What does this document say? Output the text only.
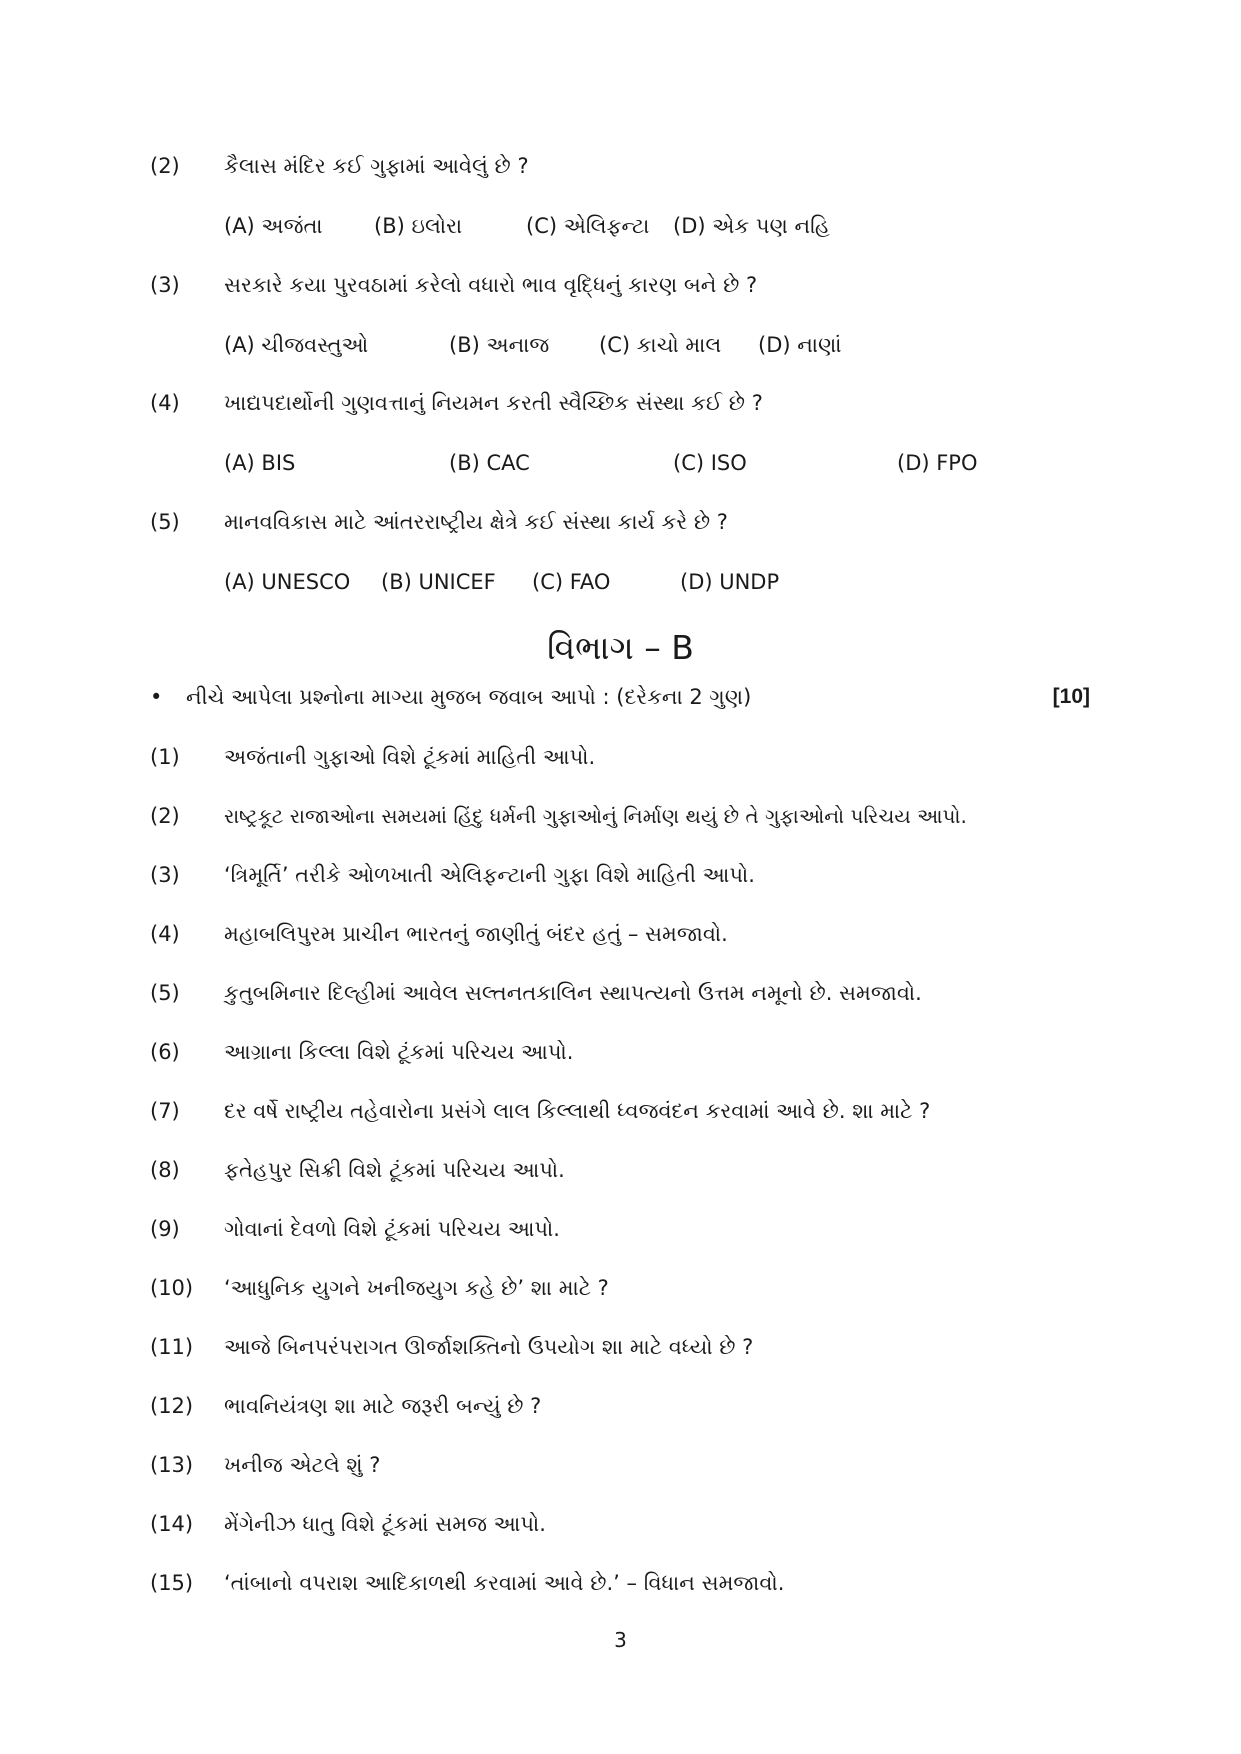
(2)	કૈલાસ મંદિર કઈ ગુફામાં આવેલું છે ?
(A) અજંતા (B) ઇલોરા	(C) એલિફન્ટા (D) એક પણ નહિ
(3)	સરકારે કયા પુરવઠામાં કરેલો વધારો ભાવ વૃદ્ધિનું કારણ બને છે ?
(A) ચીજવસ્તુઓ	(B) અનાજ (C) કાચો માલ (D) નાણાં
(4)	ખાદ્યપદાર્થોની ગુણવત્તાનું નિયમન કરતી સ્વૈચ્છિક સંસ્થા કઈ છે ?
(A) BIS	(B) CAC	(C) ISO	(D) FPO
(5)	માનવવિકાસ માટે આંતરરાષ્ટ્રીય ક્ષેત્રે કઈ સંસ્થા કાર્ય કરે છે ?
(A) UNESCO (B) UNICEF (C) FAO	(D) UNDP
વિભાગ – B
• નીચે આપેલા પ્રશ્નોના માગ્યા મુજબ જવાબ આપો : (દરેકના 2 ગુણ)	[10]
(1)	અજંતાની ગુફાઓ વિશે ટૂંકમાં માહિતી આપો.
(2)	રાષ્ટ્રકૂટ રાજાઓના સમયમાં હિંદુ ધર્મની ગુફાઓનું નિર્માણ થયું છે તે ગુફાઓનો પરિચય આપો.
(3)	‘ત્રિમૂર્તિ’ તરીકે ઓળખાતી એલિફન્ટાની ગુફા વિશે માહિતી આપો.
(4)	મહાબલિપુરમ પ્રાચીન ભારતનું જાણીતું બંદર હતું – સમજાવો.
(5)	કુતુબમિનાર દિલ્હીમાં આવેલ સલ્તનતકાલિન સ્થાપત્યનો ઉત્તમ નમૂનો છે. સમજાવો.
(6)	આગ્રાના કિલ્લા વિશે ટૂંકમાં પરિચય આપો.
(7)	દર વર્ષે રાષ્ટ્રીય તહેવારોના પ્રસંગે લાલ કિલ્લાથી ધ્વજવંદન કરવામાં આવે છે. શા માટે ?
(8)	ફતેહપુર સિક્રી વિશે ટૂંકમાં પરિચય આપો.
(9)	ગોવાનાં દેવળો વિશે ટૂંકમાં પરિચય આપો.
(10)	‘આધુનિક યુગને ખનીજયુગ કહે છે’ શા માટે ?
(11)	આજે બિનપરંપરાગત ઊર્જાશક્તિનો ઉપયોગ શા માટે વધ્યો છે ?
(12)	ભાવનિયંત્રણ શા માટે જરૂરી બન્યું છે ?
(13)	ખનીજ એટલે શું ?
(14)	મેંગેનીઝ ધાતુ વિશે ટૂંકમાં સમજ આપો.
(15)	‘તાંબાનો વપરાશ આદિકાળથી કરવામાં આવે છે.’ – વિધાન સમજાવો.
3
